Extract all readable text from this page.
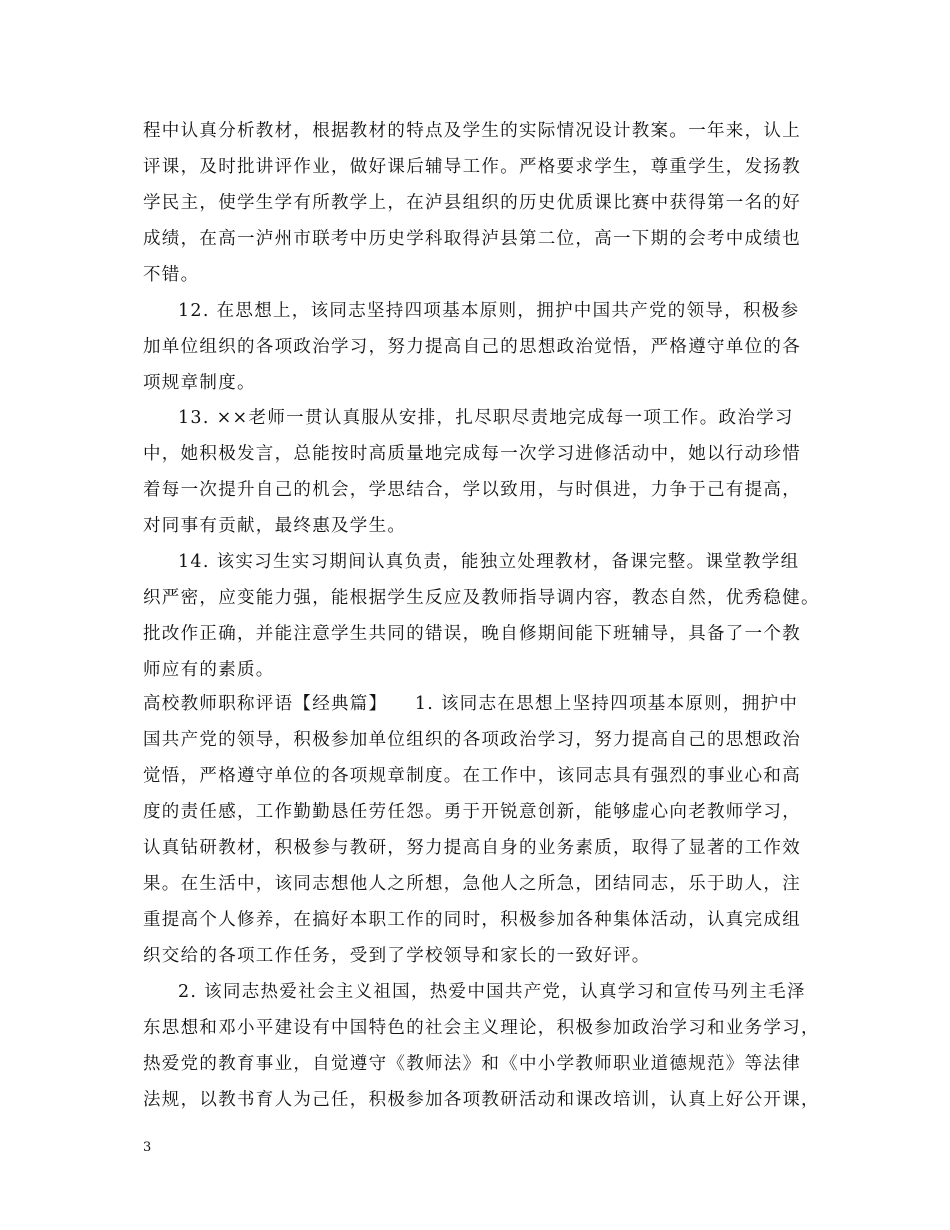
程中认真分析教材，根据教材的特点及学生的实际情况设计教案。一年来，认上
评课，及时批讲评作业，做好课后辅导工作。严格要求学生，尊重学生，发扬教
学民主，使学生学有所教学上，在泸县组织的历史优质课比赛中获得第一名的好
成绩，在高一泸州市联考中历史学科取得泸县第二位，高一下期的会考中成绩也
不错。
12. 在思想上，该同志坚持四项基本原则，拥护中国共产党的领导，积极参
加单位组织的各项政治学习，努力提高自己的思想政治觉悟，严格遵守单位的各
项规章制度。
13. ××老师一贯认真服从安排，扎尽职尽责地完成每一项工作。政治学习
中，她积极发言，总能按时高质量地完成每一次学习进修活动中，她以行动珍惜
着每一次提升自己的机会，学思结合，学以致用，与时俱进，力争于己有提高，
对同事有贡献，最终惠及学生。
14. 该实习生实习期间认真负责，能独立处理教材，备课完整。课堂教学组
织严密，应变能力强，能根据学生反应及教师指导调内容，教态自然，优秀稳健。
批改作正确，并能注意学生共同的错误，晚自修期间能下班辅导，具备了一个教
师应有的素质。
高校教师职称评语【经典篇】    1. 该同志在思想上坚持四项基本原则，拥护中
国共产党的领导，积极参加单位组织的各项政治学习，努力提高自己的思想政治
觉悟，严格遵守单位的各项规章制度。在工作中，该同志具有强烈的事业心和高
度的责任感，工作勤勤恳任劳任怨。勇于开锐意创新，能够虚心向老教师学习，
认真钻研教材，积极参与教研，努力提高自身的业务素质，取得了显著的工作效
果。在生活中，该同志想他人之所想，急他人之所急，团结同志，乐于助人，注
重提高个人修养，在搞好本职工作的同时，积极参加各种集体活动，认真完成组
织交给的各项工作任务，受到了学校领导和家长的一致好评。
2. 该同志热爱社会主义祖国，热爱中国共产党，认真学习和宣传马列主毛泽
东思想和邓小平建设有中国特色的社会主义理论，积极参加政治学习和业务学习，
热爱党的教育事业，自觉遵守《教师法》和《中小学教师职业道德规范》等法律
法规，以教书育人为己任，积极参加各项教研活动和课改培训，认真上好公开课，
3
